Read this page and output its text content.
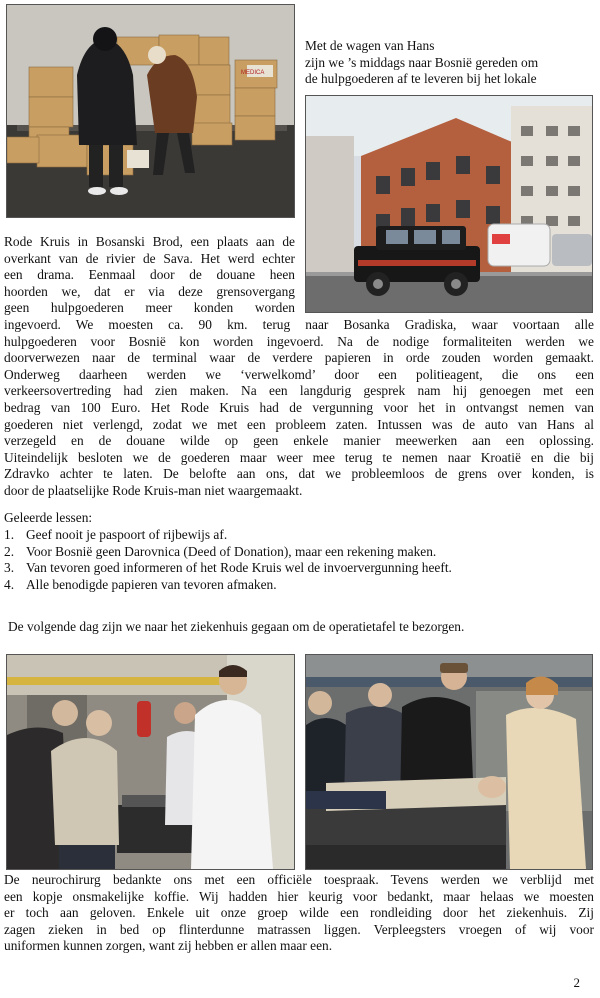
MEDICA
Met de wagen van Hans
zijn we ’s middags naar Bosnië gereden om
de hulpgoederen af te leveren bij het lokale
Rode Kruis in Bosanski Brod, een plaats aan de
overkant van de rivier de Sava. Het werd echter
een drama. Eenmaal door de douane heen
hoorden we, dat er via deze grensovergang
geen hulpgoederen meer konden worden
ingevoerd. We moesten ca. 90 km. terug naar Bosanka Gradiska, waar voortaan alle
hulpgoederen voor Bosnië kon worden ingevoerd. Na de nodige formaliteiten werden we
doorverwezen naar de terminal waar de verdere papieren in orde zouden worden gemaakt.
Onderweg daarheen werden we ‘verwelkomd’ door een politieagent, die ons een
verkeersovertreding had zien maken. Na een langdurig gesprek nam hij genoegen met een
bedrag van 100 Euro. Het Rode Kruis had de vergunning voor het in ontvangst nemen van
goederen niet verlengd, zodat we met een probleem zaten. Intussen was de auto van Hans al
verzegeld en de douane wilde op geen enkele manier meewerken aan een oplossing.
Uiteindelijk besloten we de goederen maar weer mee terug te nemen naar Kroatië en die bij
Zdravko achter te laten. De belofte aan ons, dat we probleemloos de grens over konden, is
door de plaatselijke Rode Kruis-man niet waargemaakt.
Geleerde lessen:
1. Geef nooit je paspoort of rijbewijs af.
2. Voor Bosnië geen Darovnica (Deed of Donation), maar een rekening maken.
3. Van tevoren goed informeren of het Rode Kruis wel de invoervergunning heeft.
4. Alle benodigde papieren van tevoren afmaken.
De volgende dag zijn we naar het ziekenhuis gegaan om de operatietafel te bezorgen.
De neurochirurg bedankte ons met een officiële toespraak. Tevens werden we verblijd met
een kopje onsmakelijke koffie. Wij hadden hier keurig voor bedankt, maar helaas we moesten
er toch aan geloven. Enkele uit onze groep wilde een rondleiding door het ziekenhuis. Zij
zagen zieken in bed op flinterdunne matrassen liggen. Verpleegsters vroegen of wij voor
uniformen kunnen zorgen, want zij hebben er allen maar een.
2
